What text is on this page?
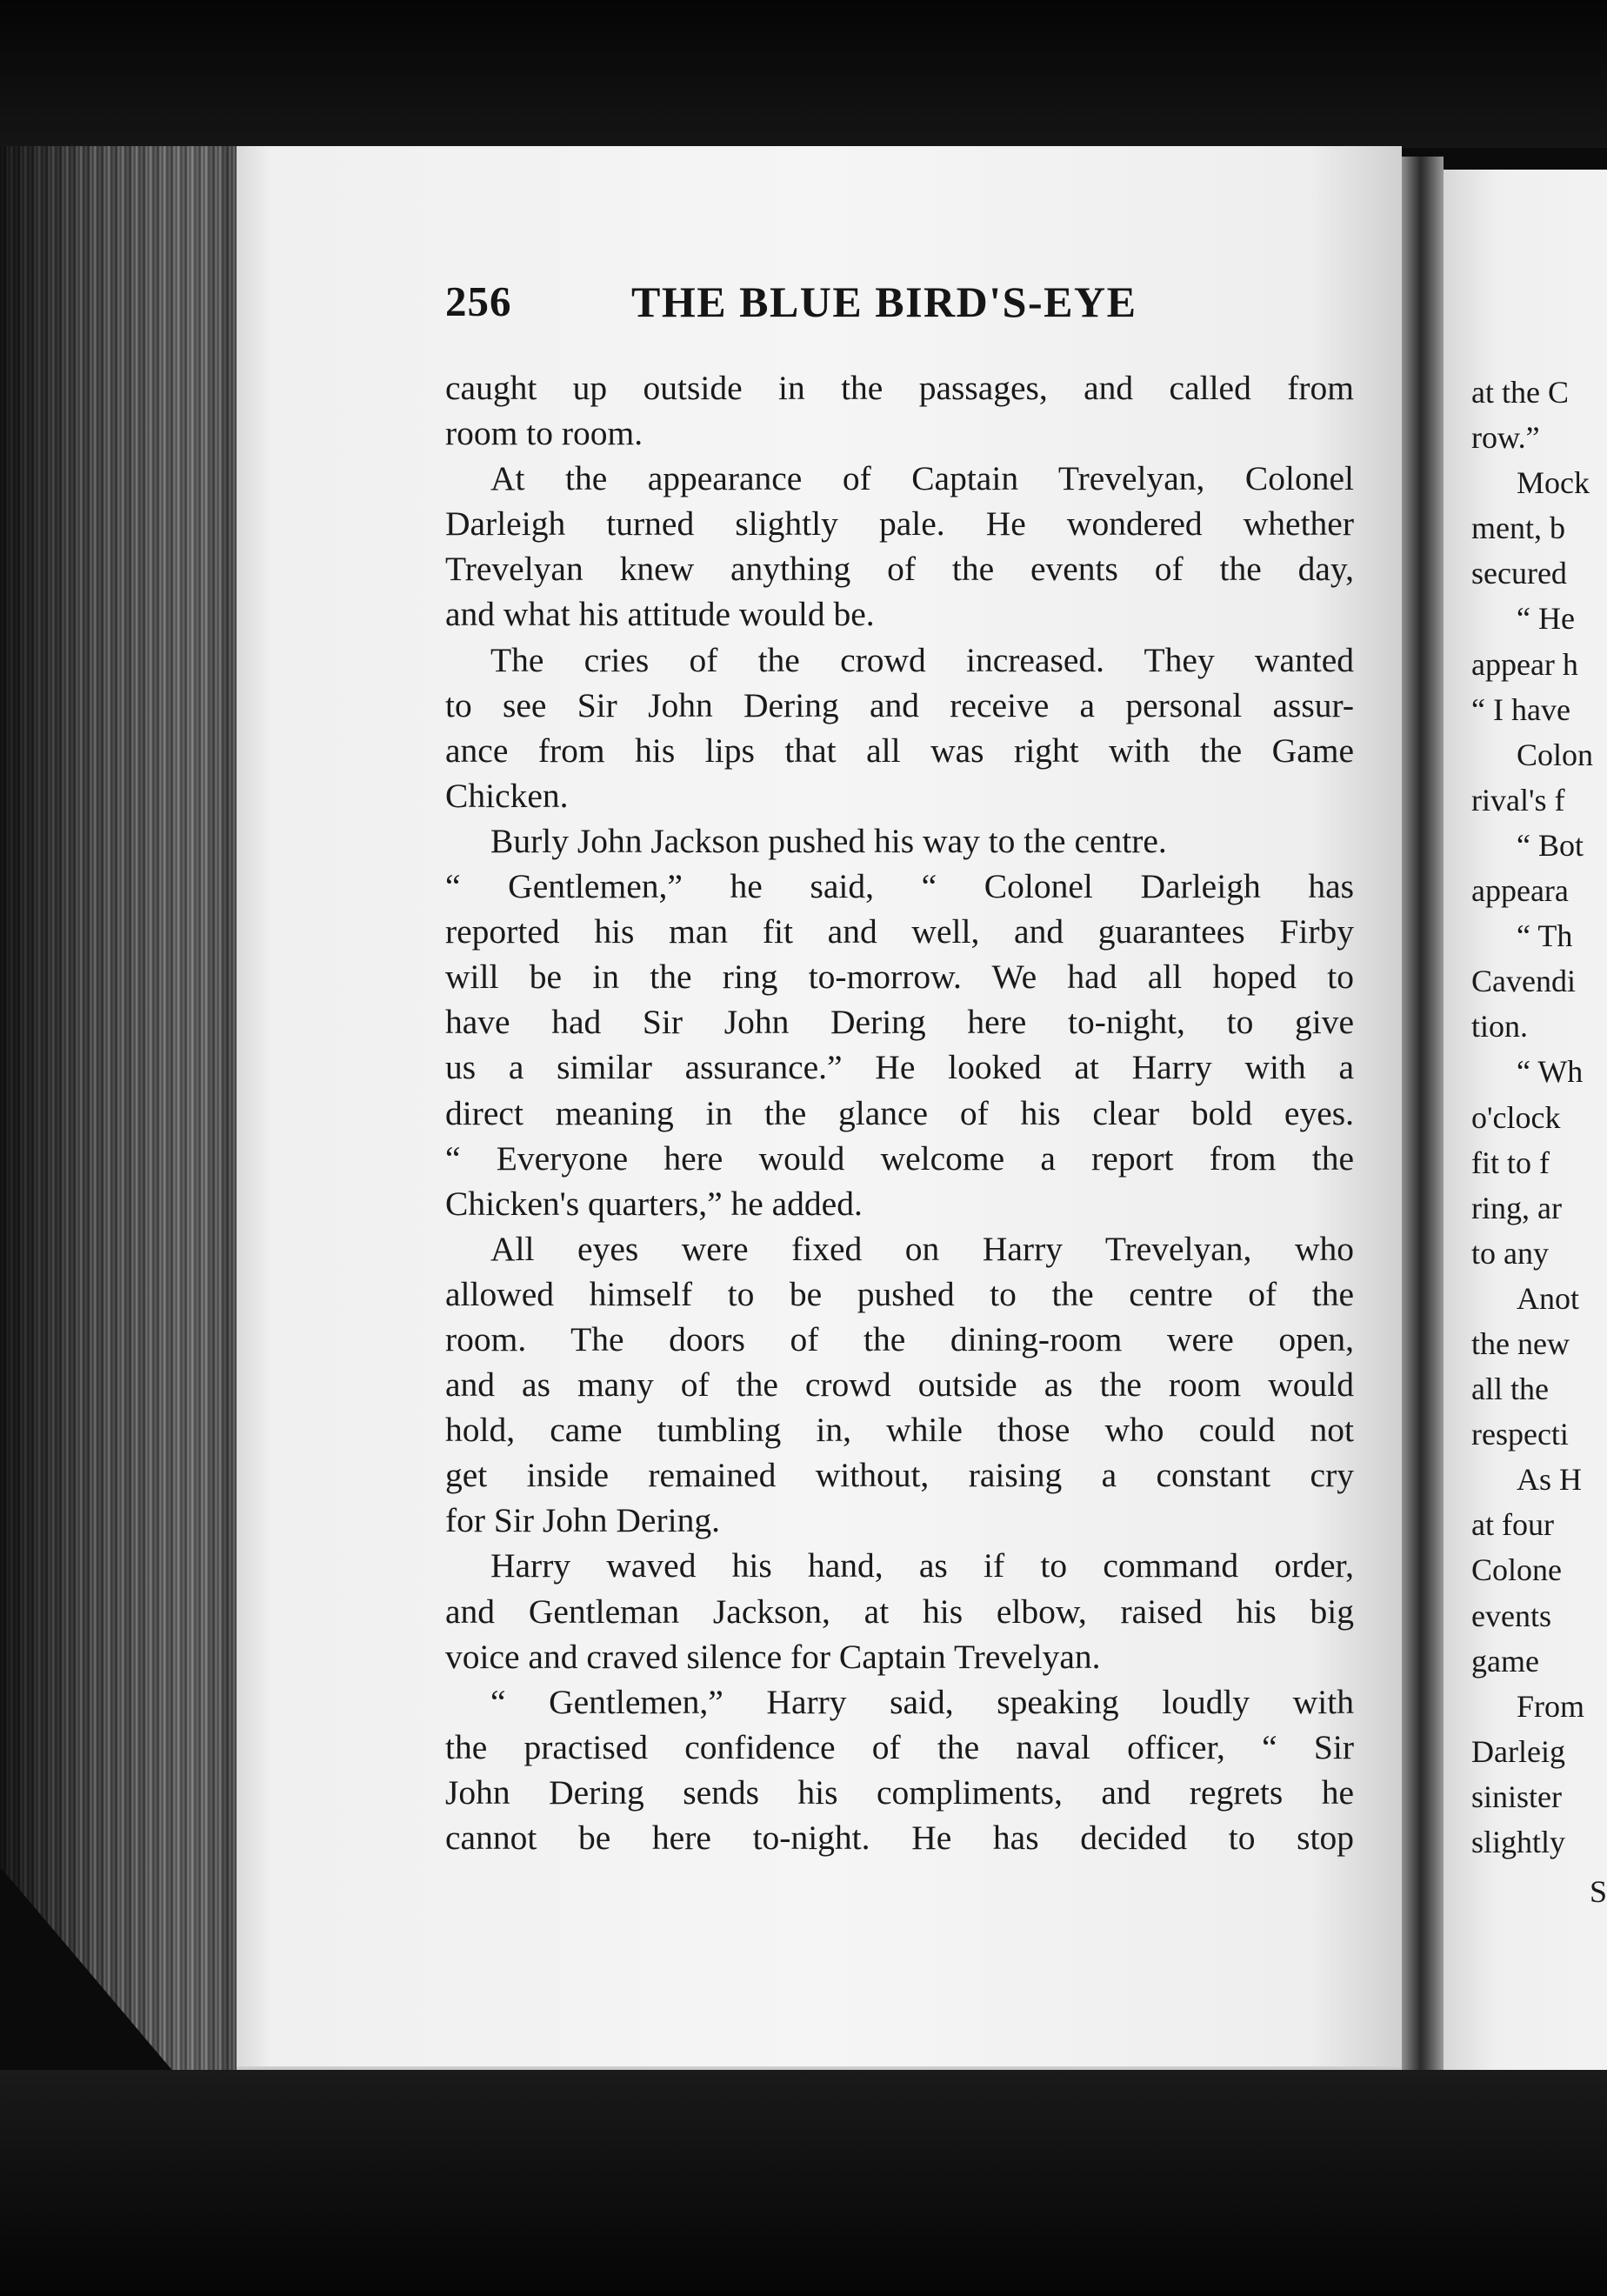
256	THE BLUE BIRD'S-EYE
caught up outside in the passages, and called from
room to room.
At the appearance of Captain Trevelyan, Colonel
Darleigh turned slightly pale. He wondered whether
Trevelyan knew anything of the events of the day,
and what his attitude would be.
The cries of the crowd increased. They wanted
to see Sir John Dering and receive a personal assur-
ance from his lips that all was right with the Game
Chicken.
Burly John Jackson pushed his way to the centre.
“ Gentlemen,” he said, “ Colonel Darleigh has
reported his man fit and well, and guarantees Firby
will be in the ring to-morrow. We had all hoped to
have had Sir John Dering here to-night, to give
us a similar assurance.” He looked at Harry with a
direct meaning in the glance of his clear bold eyes.
“ Everyone here would welcome a report from the
Chicken's quarters,” he added.
All eyes were fixed on Harry Trevelyan, who
allowed himself to be pushed to the centre of the
room. The doors of the dining-room were open,
and as many of the crowd outside as the room would
hold, came tumbling in, while those who could not
get inside remained without, raising a constant cry
for Sir John Dering.
Harry waved his hand, as if to command order,
and Gentleman Jackson, at his elbow, raised his big
voice and craved silence for Captain Trevelyan.
“ Gentlemen,” Harry said, speaking loudly with
the practised confidence of the naval officer, “ Sir
John Dering sends his compliments, and regrets he
cannot be here to-night. He has decided to stop
at the C
row.”
Mock
ment, b
secured
“ He
appear h
“ I have
Colon
rival's f
“ Bot
appeara
“ Th
Cavendi
tion.
“ Wh
o'clock
fit to f
ring, ar
to any
Anot
the new
all the
respecti
As H
at four
Colone
events
game
From
Darleig
sinister
slightly
S
